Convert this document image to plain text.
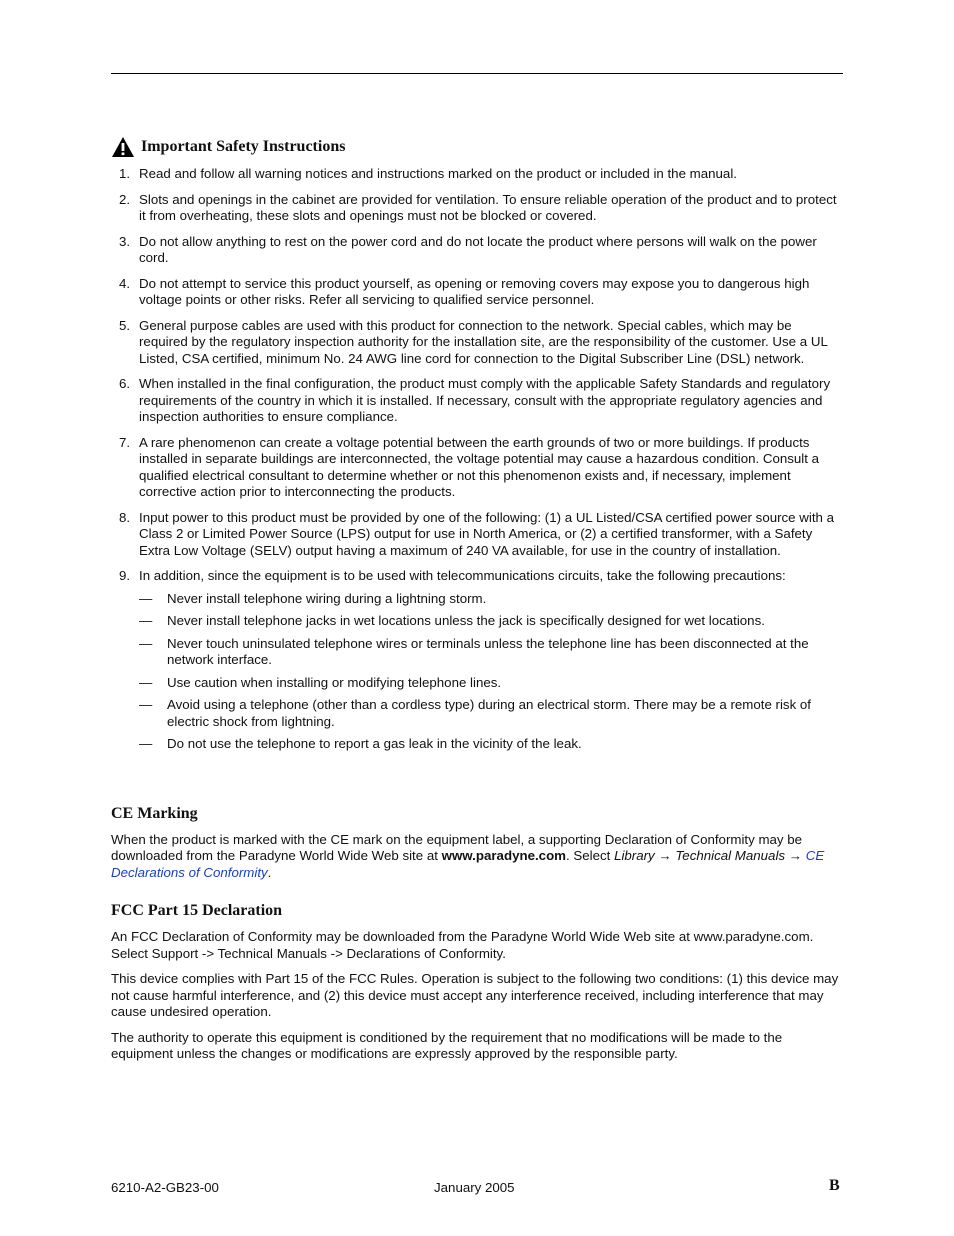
Important Safety Instructions
1. Read and follow all warning notices and instructions marked on the product or included in the manual.
2. Slots and openings in the cabinet are provided for ventilation. To ensure reliable operation of the product and to protect it from overheating, these slots and openings must not be blocked or covered.
3. Do not allow anything to rest on the power cord and do not locate the product where persons will walk on the power cord.
4. Do not attempt to service this product yourself, as opening or removing covers may expose you to dangerous high voltage points or other risks. Refer all servicing to qualified service personnel.
5. General purpose cables are used with this product for connection to the network. Special cables, which may be required by the regulatory inspection authority for the installation site, are the responsibility of the customer. Use a UL Listed, CSA certified, minimum No. 24 AWG line cord for connection to the Digital Subscriber Line (DSL) network.
6. When installed in the final configuration, the product must comply with the applicable Safety Standards and regulatory requirements of the country in which it is installed. If necessary, consult with the appropriate regulatory agencies and inspection authorities to ensure compliance.
7. A rare phenomenon can create a voltage potential between the earth grounds of two or more buildings. If products installed in separate buildings are interconnected, the voltage potential may cause a hazardous condition. Consult a qualified electrical consultant to determine whether or not this phenomenon exists and, if necessary, implement corrective action prior to interconnecting the products.
8. Input power to this product must be provided by one of the following: (1) a UL Listed/CSA certified power source with a Class 2 or Limited Power Source (LPS) output for use in North America, or (2) a certified transformer, with a Safety Extra Low Voltage (SELV) output having a maximum of 240 VA available, for use in the country of installation.
9. In addition, since the equipment is to be used with telecommunications circuits, take the following precautions:
— Never install telephone wiring during a lightning storm.
— Never install telephone jacks in wet locations unless the jack is specifically designed for wet locations.
— Never touch uninsulated telephone wires or terminals unless the telephone line has been disconnected at the network interface.
— Use caution when installing or modifying telephone lines.
— Avoid using a telephone (other than a cordless type) during an electrical storm. There may be a remote risk of electric shock from lightning.
— Do not use the telephone to report a gas leak in the vicinity of the leak.
CE Marking

When the product is marked with the CE mark on the equipment label, a supporting Declaration of Conformity may be downloaded from the Paradyne World Wide Web site at www.paradyne.com. Select Library → Technical Manuals → CE Declarations of Conformity.

FCC Part 15 Declaration

An FCC Declaration of Conformity may be downloaded from the Paradyne World Wide Web site at www.paradyne.com. Select Support -> Technical Manuals -> Declarations of Conformity.

This device complies with Part 15 of the FCC Rules. Operation is subject to the following two conditions: (1) this device may not cause harmful interference, and (2) this device must accept any interference received, including interference that may cause undesired operation.

The authority to operate this equipment is conditioned by the requirement that no modifications will be made to the equipment unless the changes or modifications are expressly approved by the responsible party.

6210-A2-GB23-00	January 2005	B
